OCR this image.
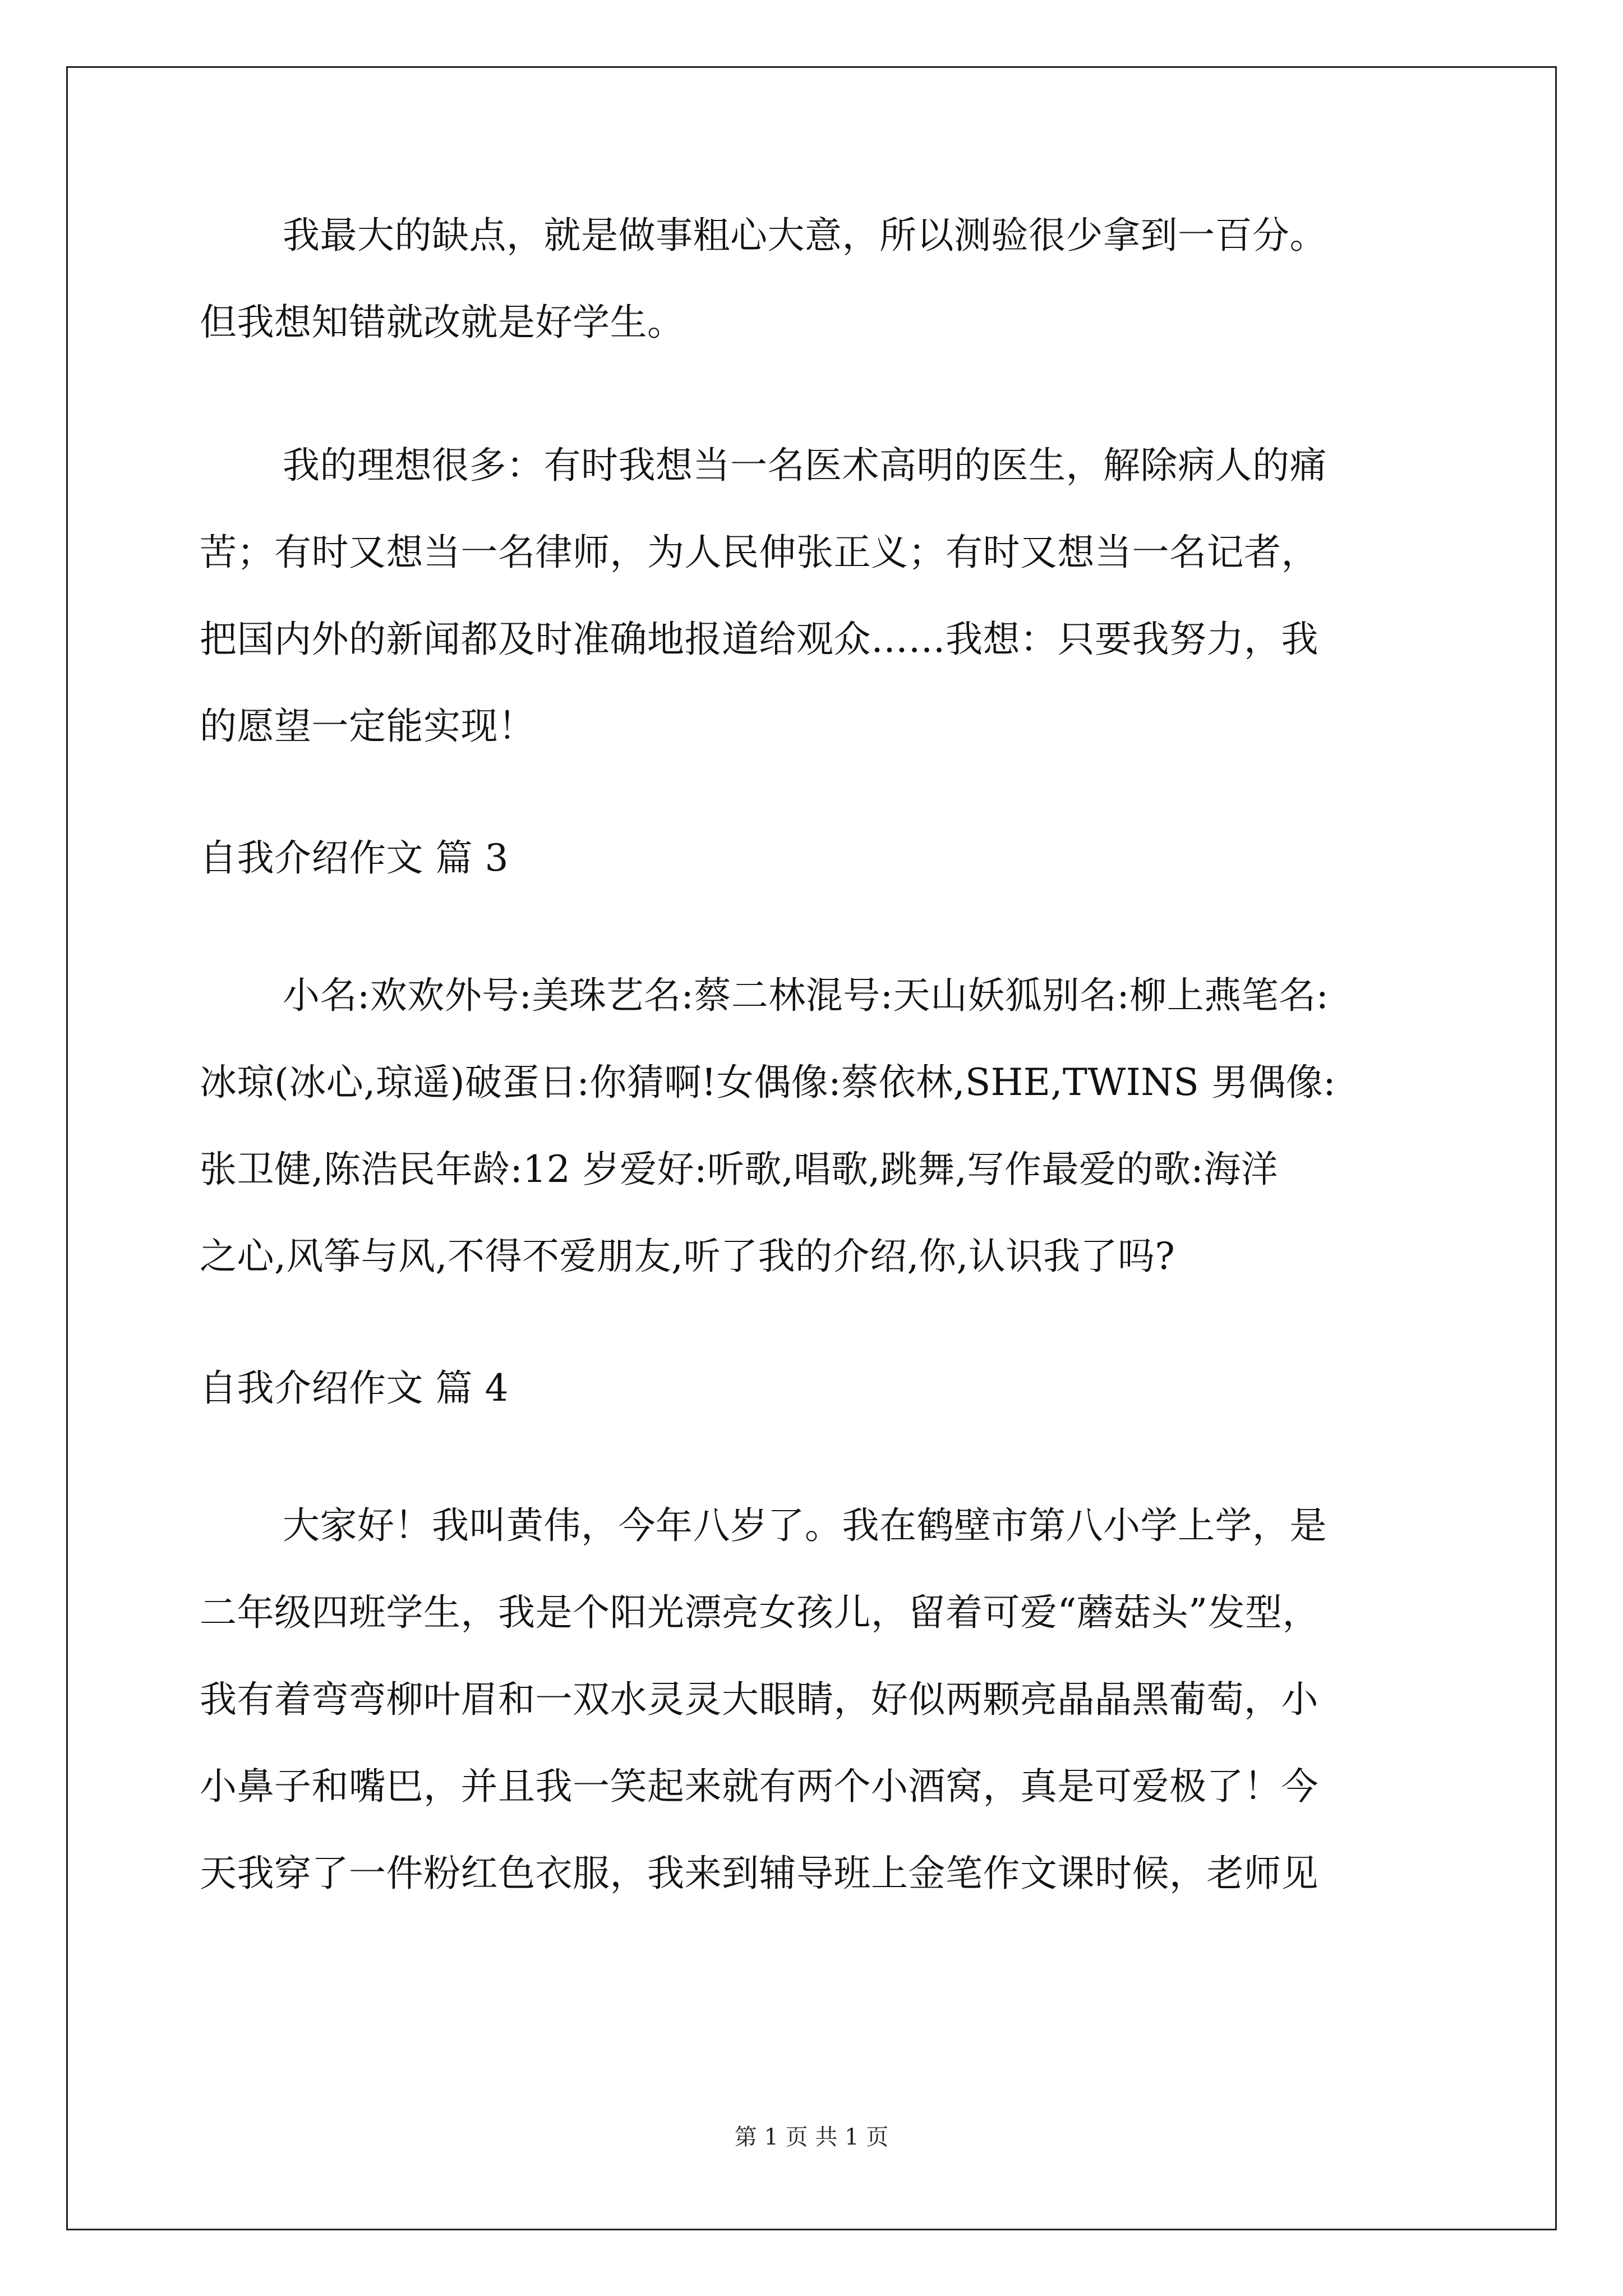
我最大的缺点，就是做事粗心大意，所以测验很少拿到一百分。
但我想知错就改就是好学生。
我的理想很多：有时我想当一名医术高明的医生，解除病人的痛
苦；有时又想当一名律师，为人民伸张正义；有时又想当一名记者，
把国内外的新闻都及时准确地报道给观众……我想：只要我努力，我
的愿望一定能实现！
自我介绍作文 篇 3
小名:欢欢外号:美珠艺名:蔡二林混号:天山妖狐别名:柳上燕笔名:
冰琼(冰心,琼遥)破蛋日:你猜啊!女偶像:蔡依林,SHE,TWINS 男偶像:
张卫健,陈浩民年龄:12 岁爱好:听歌,唱歌,跳舞,写作最爱的歌:海洋
之心,风筝与风,不得不爱朋友,听了我的介绍,你,认识我了吗?
自我介绍作文 篇 4
大家好！我叫黄伟，今年八岁了。我在鹤壁市第八小学上学，是
二年级四班学生，我是个阳光漂亮女孩儿，留着可爱“蘑菇头”发型，
我有着弯弯柳叶眉和一双水灵灵大眼睛，好似两颗亮晶晶黑葡萄，小
小鼻子和嘴巴，并且我一笑起来就有两个小酒窝，真是可爱极了！今
天我穿了一件粉红色衣服，我来到辅导班上金笔作文课时候，老师见
第 1 页 共 1 页
